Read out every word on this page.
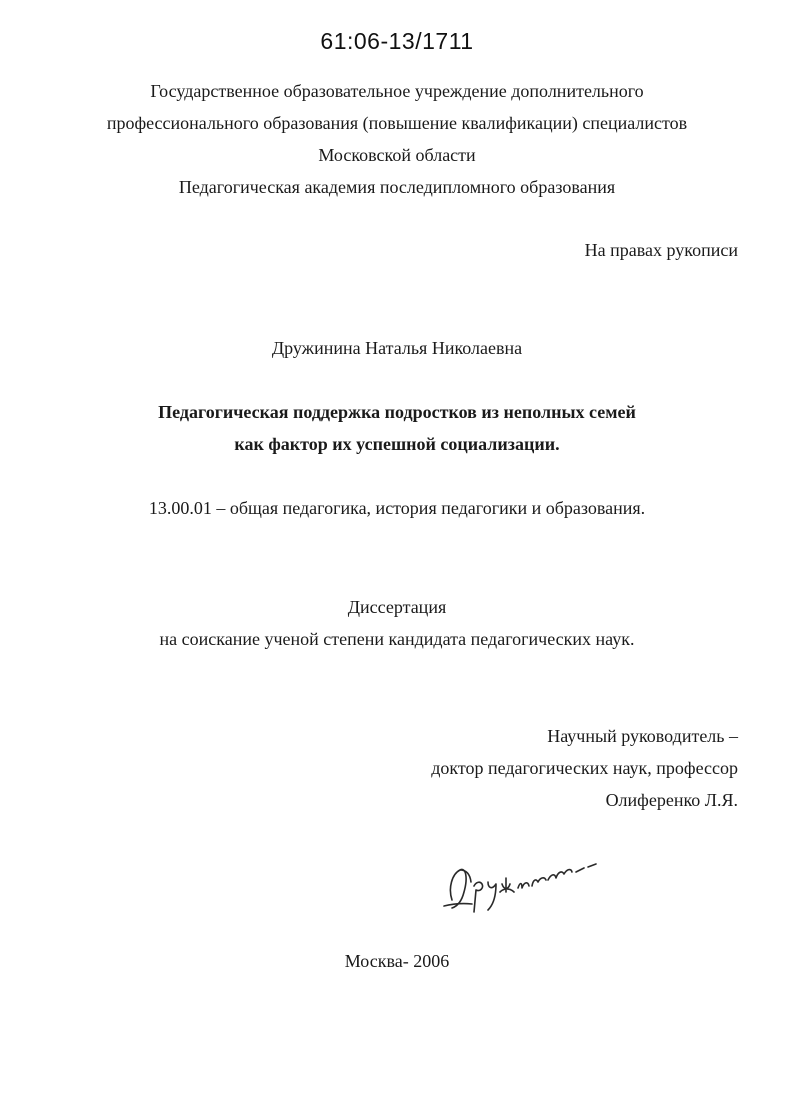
61:06-13/1711
Государственное образовательное учреждение дополнительного
профессионального образования (повышение квалификации) специалистов
Московской области
Педагогическая академия последипломного образования
На правах рукописи
Дружинина Наталья Николаевна
Педагогическая поддержка подростков из неполных семей
как фактор их успешной социализации.
13.00.01 – общая педагогика, история педагогики и образования.
Диссертация
на соискание ученой степени кандидата педагогических наук.
Научный руководитель –
доктор педагогических наук, профессор
Олиференко Л.Я.
Москва- 2006
